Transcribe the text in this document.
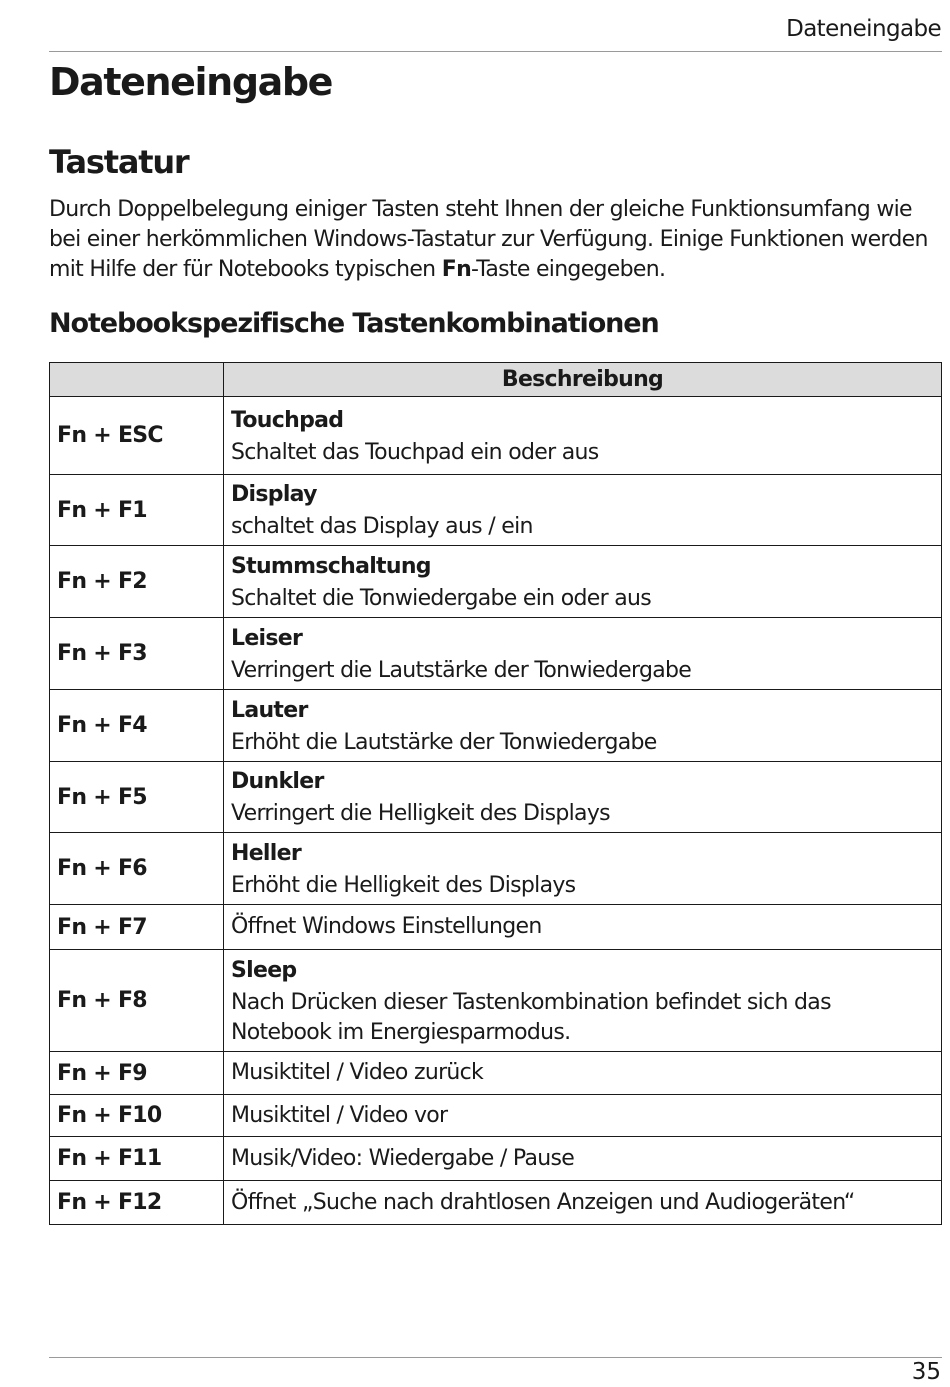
Dateneingabe
Dateneingabe
Tastatur

Durch Doppelbelegung einiger Tasten steht Ihnen der gleiche Funktionsumfang wie bei einer herkömmlichen Windows-Tastatur zur Verfügung. Einige Funktionen werden mit Hilfe der für Notebooks typischen Fn-Taste eingegeben.

Notebookspezifische Tastenkombinationen
	Beschreibung
Fn + ESC	Touchpad
Schaltet das Touchpad ein oder aus

Fn + F1	Display
schaltet das Display aus / ein

Fn + F2	Stummschaltung
Schaltet die Tonwiedergabe ein oder aus

Fn + F3	Leiser
Verringert die Lautstärke der Tonwiedergabe

Fn + F4	Lauter
Erhöht die Lautstärke der Tonwiedergabe

Fn + F5	Dunkler
Verringert die Helligkeit des Displays

Fn + F6	Heller
Erhöht die Helligkeit des Displays

Fn + F7	Öffnet Windows Einstellungen

Fn + F8	Sleep
Nach Drücken dieser Tastenkombination befindet sich das Notebook im Energiesparmodus.

Fn + F9	Musiktitel / Video zurück

Fn + F10	Musiktitel / Video vor

Fn + F11	Musik/Video: Wiedergabe / Pause

Fn + F12	Öffnet „Suche nach drahtlosen Anzeigen und Audiogeräten“
35
